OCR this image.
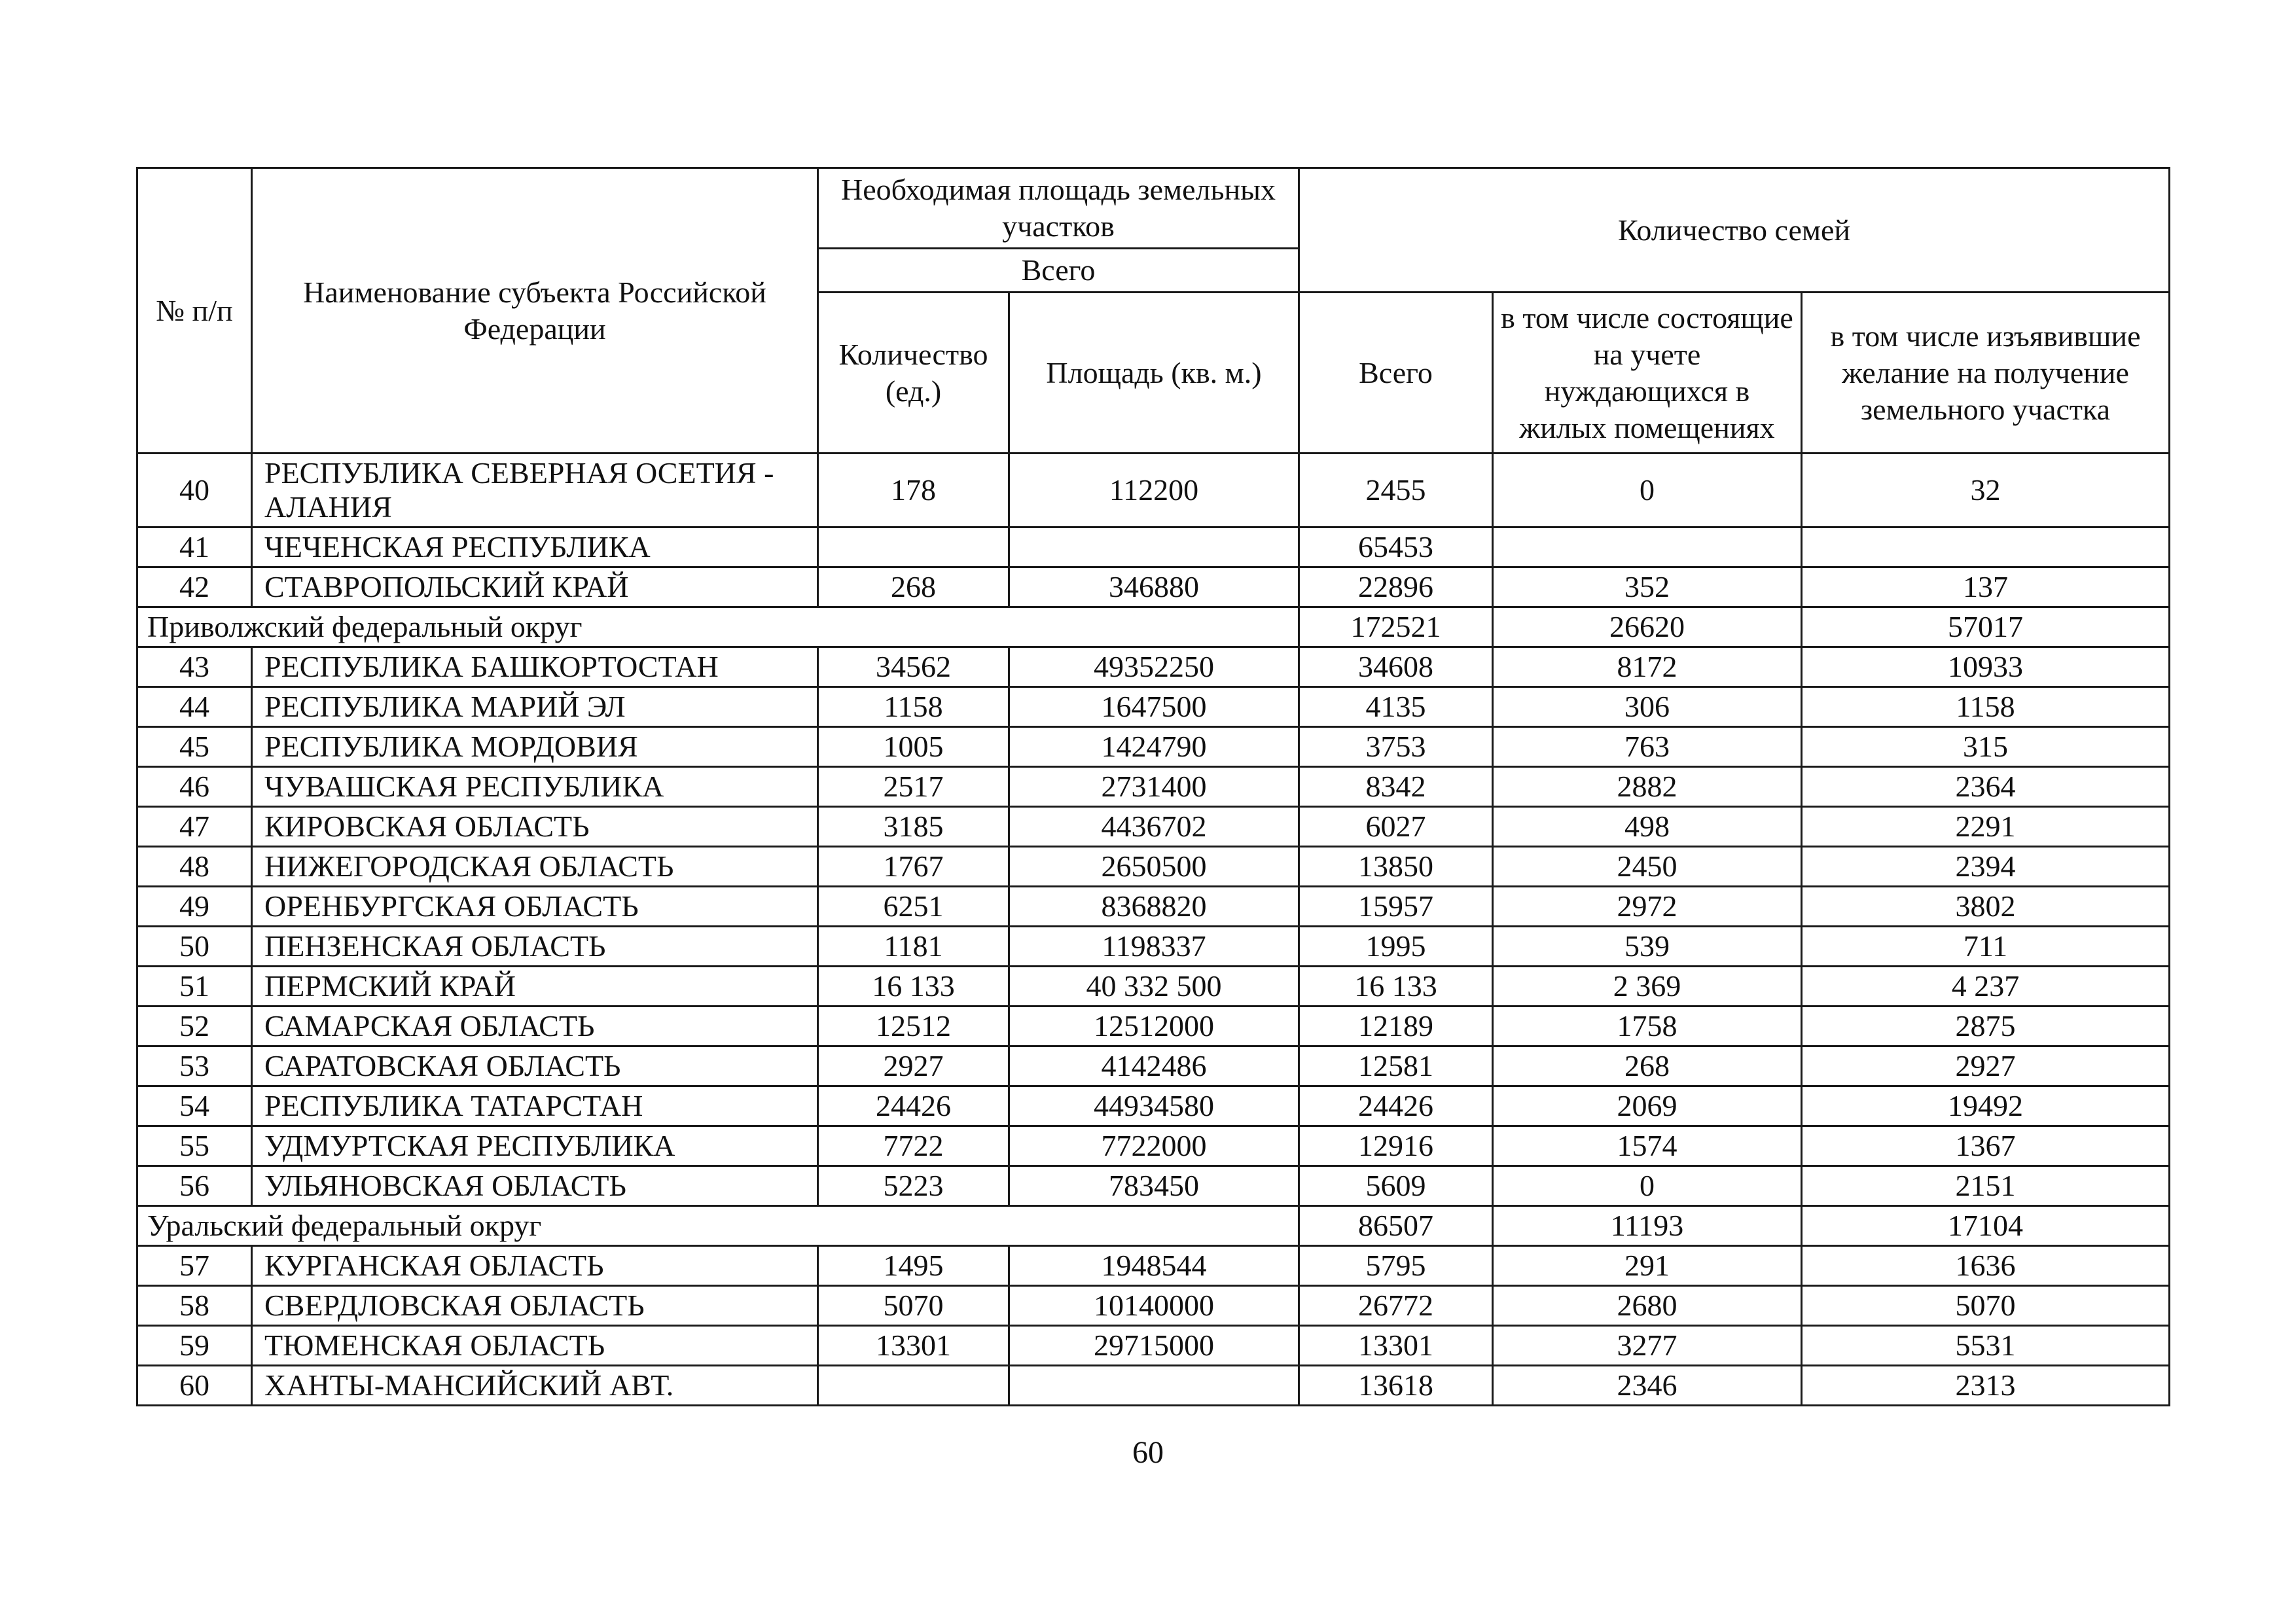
№ п/п	Наименование субъекта Российской Федерации	Необходимая площадь земельных участков		Количество семей		
		Всего				
		Количество (ед.)	Площадь (кв. м.)	Всего	в том числе состоящие на учете нуждающихся в жилых помещениях	в том числе изъявившие желание на получение земельного участка
40	РЕСПУБЛИКА СЕВЕРНАЯ ОСЕТИЯ - АЛАНИЯ	178	112200	2455	0	32
41	ЧЕЧЕНСКАЯ РЕСПУБЛИКА			65453		
42	СТАВРОПОЛЬСКИЙ КРАЙ	268	346880	22896	352	137
Приволжский федеральный округ				172521	26620	57017
43	РЕСПУБЛИКА БАШКОРТОСТАН	34562	49352250	34608	8172	10933
44	РЕСПУБЛИКА МАРИЙ ЭЛ	1158	1647500	4135	306	1158
45	РЕСПУБЛИКА МОРДОВИЯ	1005	1424790	3753	763	315
46	ЧУВАШСКАЯ РЕСПУБЛИКА	2517	2731400	8342	2882	2364
47	КИРОВСКАЯ ОБЛАСТЬ	3185	4436702	6027	498	2291
48	НИЖЕГОРОДСКАЯ ОБЛАСТЬ	1767	2650500	13850	2450	2394
49	ОРЕНБУРГСКАЯ ОБЛАСТЬ	6251	8368820	15957	2972	3802
50	ПЕНЗЕНСКАЯ ОБЛАСТЬ	1181	1198337	1995	539	711
51	ПЕРМСКИЙ КРАЙ	16 133	40 332 500	16 133	2 369	4 237
52	САМАРСКАЯ ОБЛАСТЬ	12512	12512000	12189	1758	2875
53	САРАТОВСКАЯ ОБЛАСТЬ	2927	4142486	12581	268	2927
54	РЕСПУБЛИКА ТАТАРСТАН	24426	44934580	24426	2069	19492
55	УДМУРТСКАЯ РЕСПУБЛИКА	7722	7722000	12916	1574	1367
56	УЛЬЯНОВСКАЯ ОБЛАСТЬ	5223	783450	5609	0	2151
Уральский федеральный округ				86507	11193	17104
57	КУРГАНСКАЯ ОБЛАСТЬ	1495	1948544	5795	291	1636
58	СВЕРДЛОВСКАЯ ОБЛАСТЬ	5070	10140000	26772	2680	5070
59	ТЮМЕНСКАЯ ОБЛАСТЬ	13301	29715000	13301	3277	5531
60	ХАНТЫ-МАНСИЙСКИЙ АВТ.			13618	2346	2313
60
